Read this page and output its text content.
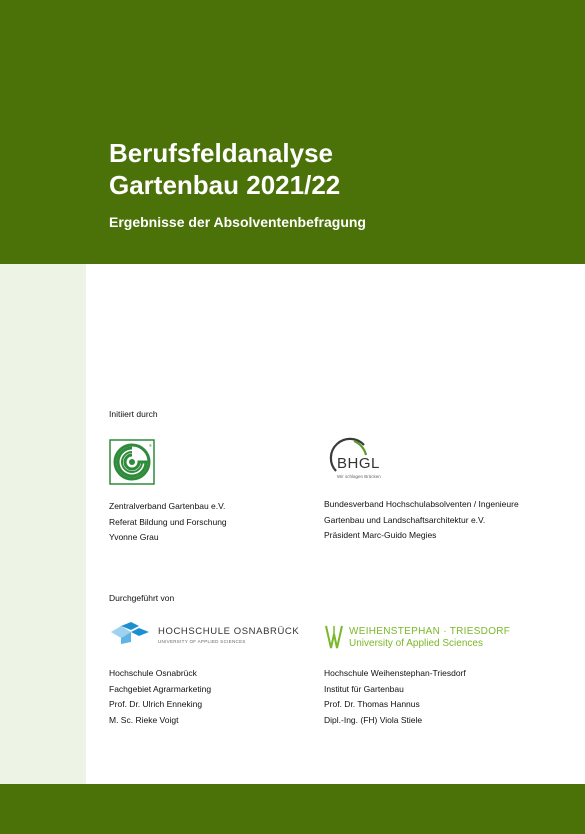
Berufsfeldanalyse
Gartenbau 2021/22

Ergebnisse der Absolventenbefragung

Initiiert durch
®
Zentralverband Gartenbau e.V.
Referat Bildung und Forschung
Yvonne Grau
BHGL
Wir schlagen Brücken
Bundesverband Hochschulabsolventen / Ingenieure
Gartenbau und Landschaftsarchitektur e.V.
Präsident Marc-Guido Megies
Durchgeführt von
HOCHSCHULE OSNABRÜCK
UNIVERSITY OF APPLIED SCIENCES
Hochschule Osnabrück
Fachgebiet Agrarmarketing
Prof. Dr. Ulrich Enneking
M. Sc. Rieke Voigt
WEIHENSTEPHAN · TRIESDORF
University of Applied Sciences
Hochschule Weihenstephan-Triesdorf
Institut für Gartenbau
Prof. Dr. Thomas Hannus
Dipl.-Ing. (FH) Viola Stiele
